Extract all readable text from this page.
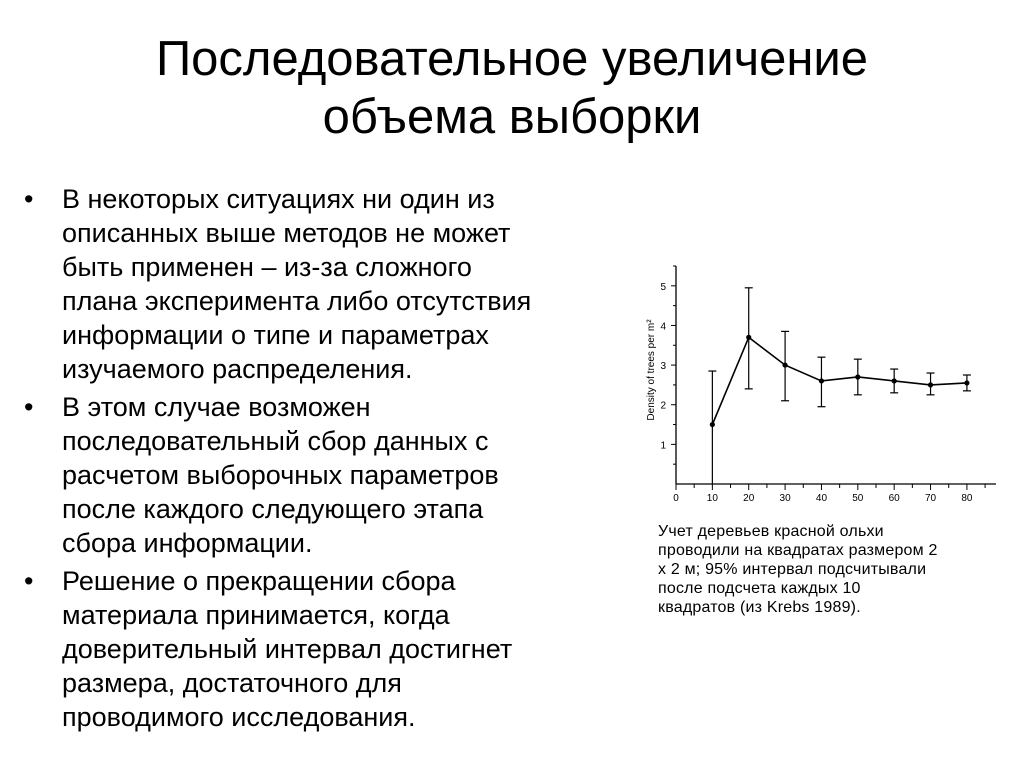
Последовательное увеличение
объема выборки
• В некоторых ситуациях ни один из
описанных выше методов не может
быть применен – из-за сложного
плана эксперимента либо отсутствия
информации о типе и параметрах
изучаемого распределения.
• В этом случае возможен
последовательный сбор данных с
расчетом выборочных параметров
после каждого следующего этапа
сбора информации.
• Решение о прекращении сбора
материала принимается, когда
доверительный интервал достигнет
размера, достаточного для
проводимого исследования.
0	10	20	30	40	50	60	70	80
1
2
3
4
5
Density of trees per m²
Учет деревьев красной ольхи
проводили на квадратах размером 2
х 2 м; 95% интервал подсчитывали
после подсчета каждых 10
квадратов (из Krebs 1989).
